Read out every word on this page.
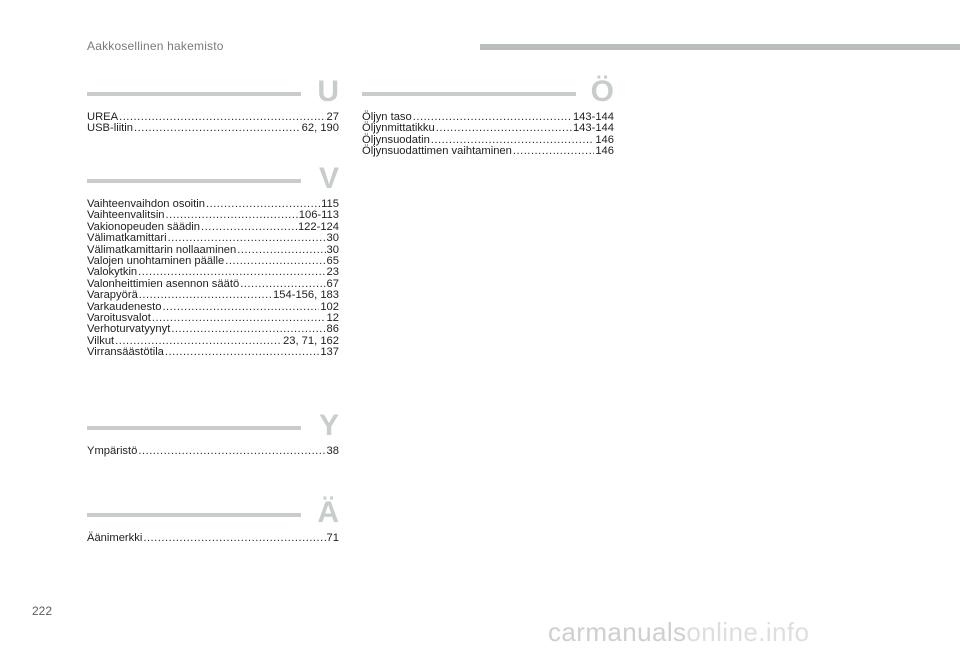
Aakkosellinen hakemisto
U
UREA .....	27
USB-liitin .....	62, 190
V
Vaihteenvaihdon osoitin .....	115
Vaihteenvalitsin .....	106-113
Vakionopeuden säädin .....	122-124
Välimatkamittari .....	30
Välimatkamittarin nollaaminen .....	30
Valojen unohtaminen päälle .....	65
Valokytkin .....	23
Valonheittimien asennon säätö .....	67
Varapyörä .....	154-156, 183
Varkaudenesto .....	102
Varoitusvalot .....	12
Verhoturvatyynyt .....	86
Vilkut .....	23, 71, 162
Virransäästötila .....	137
Y
Ympäristö .....	38
Ä
Äänimerkki .....	71
Ö
Öljyn taso .....	143-144
Öljynmittatikku .....	143-144
Öljynsuodatin .....	146
Öljynsuodattimen vaihtaminen .....	146
222
carmanualsonline.info
